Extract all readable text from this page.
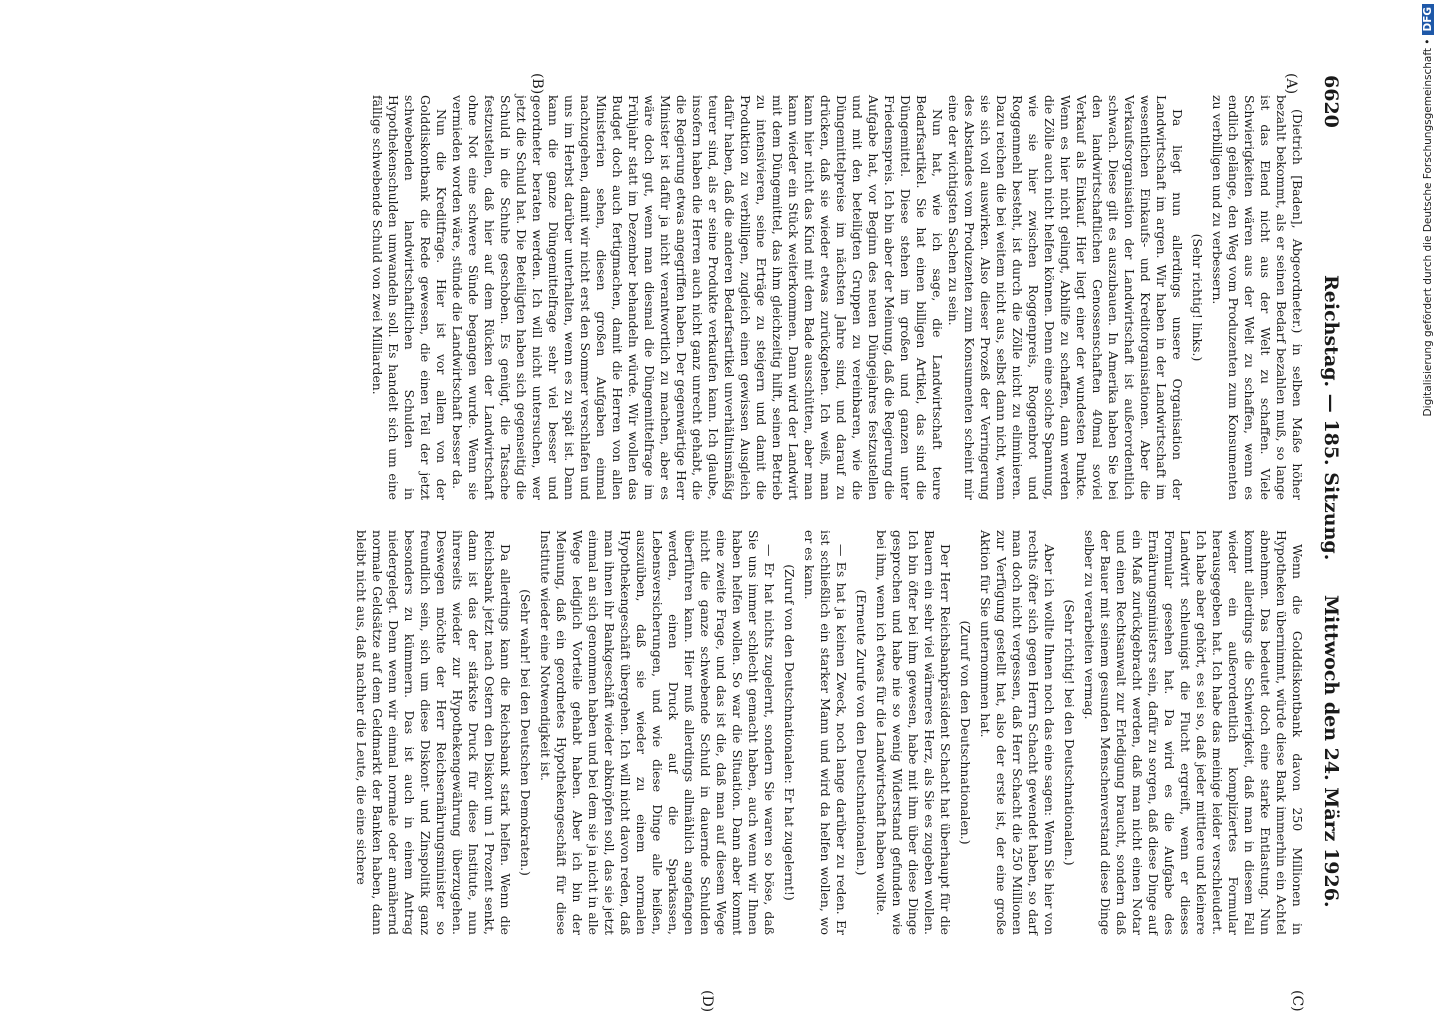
6620
Reichstag. — 185. Sitzung.
Mittwoch den 24. März 1926.
(A)
(B)

(Dietrich [Baden], Abgeordneter.) in selben Maße höher bezahlt bekommt, als er seinen Bedarf bezahlen muß, so lange ist das Elend nicht aus der Welt zu schaffen. Viele Schwierigkeiten wären aus der Welt zu schaffen, wenn es endlich gelänge, den Weg vom Produzenten zum Konsumenten zu verbilligen und zu verbessern.

(Sehr richtig! links.)

Da liegt nun allerdings unsere Organisation der Landwirtschaft im argen. Wir haben in der Landwirtschaft im wesentlichen Einkaufs- und Kreditorganisationen. Aber die Verkaufsorganisation der Landwirtschaft ist außerordentlich schwach. Diese gilt es auszubauen. In Amerika haben Sie bei den landwirtschaftlichen Genossenschaften 40mal soviel Verkauf als Einkauf. Hier liegt einer der wundesten Punkte. Wenn es hier nicht gelingt, Abhilfe zu schaffen, dann werden die Zölle auch nicht helfen können. Denn eine solche Spannung, wie sie hier zwischen Roggenpreis, Roggenbrot und Roggenmehl besteht, ist durch die Zölle nicht zu eliminieren. Dazu reichen die bei weitem nicht aus, selbst dann nicht, wenn sie sich voll auswirken. Also dieser Prozeß der Verringerung des Abstandes vom Produzenten zum Konsumenten scheint mir eine der wichtigsten Sachen zu sein.

Nun hat, wie ich sage, die Landwirtschaft teure Bedarfsartikel. Sie hat einen billigen Artikel, das sind die Düngemittel. Diese stehen im großen und ganzen unter Friedenspreis. Ich bin aber der Meinung, daß die Regierung die Aufgabe hat, vor Beginn des neuen Düngejahres festzustellen und mit den beteiligten Gruppen zu vereinbaren, wie die Düngemittelpreise im nächsten Jahre sind, und darauf zu drücken, daß sie wieder etwas zurückgehen. Ich weiß, man kann hier nicht das Kind mit dem Bade ausschütten, aber man kann wieder ein Stück weiterkommen. Dann wird der Landwirt mit dem Düngemittel, das ihm gleichzeitig hilft, seinen Betrieb zu intensivieren, seine Erträge zu steigern und damit die Produktion zu verbilligen, zugleich einen gewissen Ausgleich dafür haben, daß die anderen Bedarfsartikel unverhältnismäßig teurer sind, als er seine Produkte verkaufen kann. Ich glaube, insofern haben die Herren auch nicht ganz unrecht gehabt, die die Regierung etwas angegriffen haben. Der gegenwärtige Herr Minister ist dafür ja nicht verantwortlich zu machen, aber es wäre doch gut, wenn man diesmal die Düngemittelfrage im Frühjahr statt im Dezember behandeln würde. Wir wollen das Budget doch auch fertigmachen, damit die Herren von allen Ministerien sehen, diesen großen Aufgaben einmal nachzugehen, damit wir nicht erst den Sommer verschlafen und uns im Herbst darüber unterhalten, wenn es zu spät ist. Dann kann die ganze Düngemittelfrage sehr viel besser und geordneter beraten werden. Ich will nicht untersuchen, wer jetzt die Schuld hat. Die Beteiligten haben sich gegenseitig die Schuld in die Schuhe geschoben. Es genügt, die Tatsache festzustellen, daß hier auf dem Rücken der Landwirtschaft ohne Not eine schwere Sünde begangen wurde. Wenn sie vermieden worden wäre, stünde die Landwirtschaft besser da.

Nun die Kreditfrage. Hier ist vor allem von der Golddiskontbank die Rede gewesen, die einen Teil der jetzt schwebenden landwirtschaftlichen Schulden in Hypothekenschulden umwandeln soll. Es handelt sich um eine fällige schwebende Schuld von zwei Milliarden.

Wenn die Golddiskontbank davon 250 Millionen in Hypotheken übernimmt, würde diese Bank immerhin ein Achtel abnehmen. Das bedeutet doch eine starke Entlastung. Nun kommt allerdings die Schwierigkeit, daß man in diesem Fall wieder ein außerordentlich kompliziertes Formular herausgegeben hat. Ich habe das meinige leider verschleudert. Ich habe aber gehört, es sei so, daß jeder mittlere und kleinere Landwirt schleunigst die Flucht ergreift, wenn er dieses Formular gesehen hat. Da wird es die Aufgabe des Ernährungsministers sein, dafür zu sorgen, daß diese Dinge auf ein Maß zurückgebracht werden, daß man nicht einen Notar und einen Rechtsanwalt zur Erledigung braucht, sondern daß der Bauer mit seinem gesunden Menschenverstand diese Dinge selber zu verarbeiten vermag.

(Sehr richtig! bei den Deutschnationalen.)

Aber ich wollte Ihnen noch das eine sagen: Wenn Sie hier von rechts öfter sich gegen Herrn Schacht gewendet haben, so darf man doch nicht vergessen, daß Herr Schacht die 250 Millionen zur Verfügung gestellt hat, also der erste ist, der eine große Aktion für Sie unternommen hat.

(Zuruf von den Deutschnationalen.)

Der Herr Reichsbankpräsident Schacht hat überhaupt für die Bauern ein sehr viel wärmeres Herz, als Sie es zugeben wollen. Ich bin öfter bei ihm gewesen, habe mit ihm über diese Dinge gesprochen und habe nie so wenig Widerstand gefunden wie bei ihm, wenn ich etwas für die Landwirtschaft haben wollte.

(Erneute Zurufe von den Deutschnationalen.)

— Es hat ja keinen Zweck, noch lange darüber zu reden. Er ist schließlich ein starker Mann und wird da helfen wollen, wo er es kann.

(Zuruf von den Deutschnationalen: Er hat zugelernt!)

— Er hat nichts zugelernt, sondern Sie waren so böse, daß Sie uns immer schlecht gemacht haben, auch wenn wir Ihnen haben helfen wollen. So war die Situation. Dann aber kommt eine zweite Frage, und das ist die, daß man auf diesem Wege nicht die ganze schwebende Schuld in dauernde Schulden überführen kann. Hier muß allerdings allmählich angefangen werden, einen Druck auf die Sparkassen, Lebensversicherungen, und wie diese Dinge alle heißen, auszuüben, daß sie wieder zu einem normalen Hypothekengeschäft übergehen. Ich will nicht davon reden, daß man ihnen ihr Bankgeschäft wieder abknöpfen soll, das sie jetzt einmal an sich genommen haben und bei dem sie ja nicht in alle Wege lediglich Vorteile gehabt haben. Aber ich bin der Meinung, daß ein geordnetes Hypothekengeschäft für diese Institute wieder eine Notwendigkeit ist.

(Sehr wahr! bei den Deutschen Demokraten.)

Da allerdings kann die Reichsbank stark helfen. Wenn die Reichsbank jetzt nach Ostern den Diskont um 1 Prozent senkt, dann ist das der stärkste Druck für diese Institute, nun ihrerseits wieder zur Hypothekengewährung überzugehen. Deswegen möchte der Herr Reichsernährungsminister so freundlich sein, sich um diese Diskont- und Zinspolitik ganz besonders zu kümmern. Das ist auch in einem Antrag niedergelegt. Denn wenn wir einmal normale oder annähernd normale Geldsätze auf dem Geldmarkt der Banken haben, dann bleibt nicht aus, daß nachher die Leute, die eine sichere

(C)
(D)
Digitalisierung gefördert durch die Deutsche Forschungsgemeinschaft •DFG
